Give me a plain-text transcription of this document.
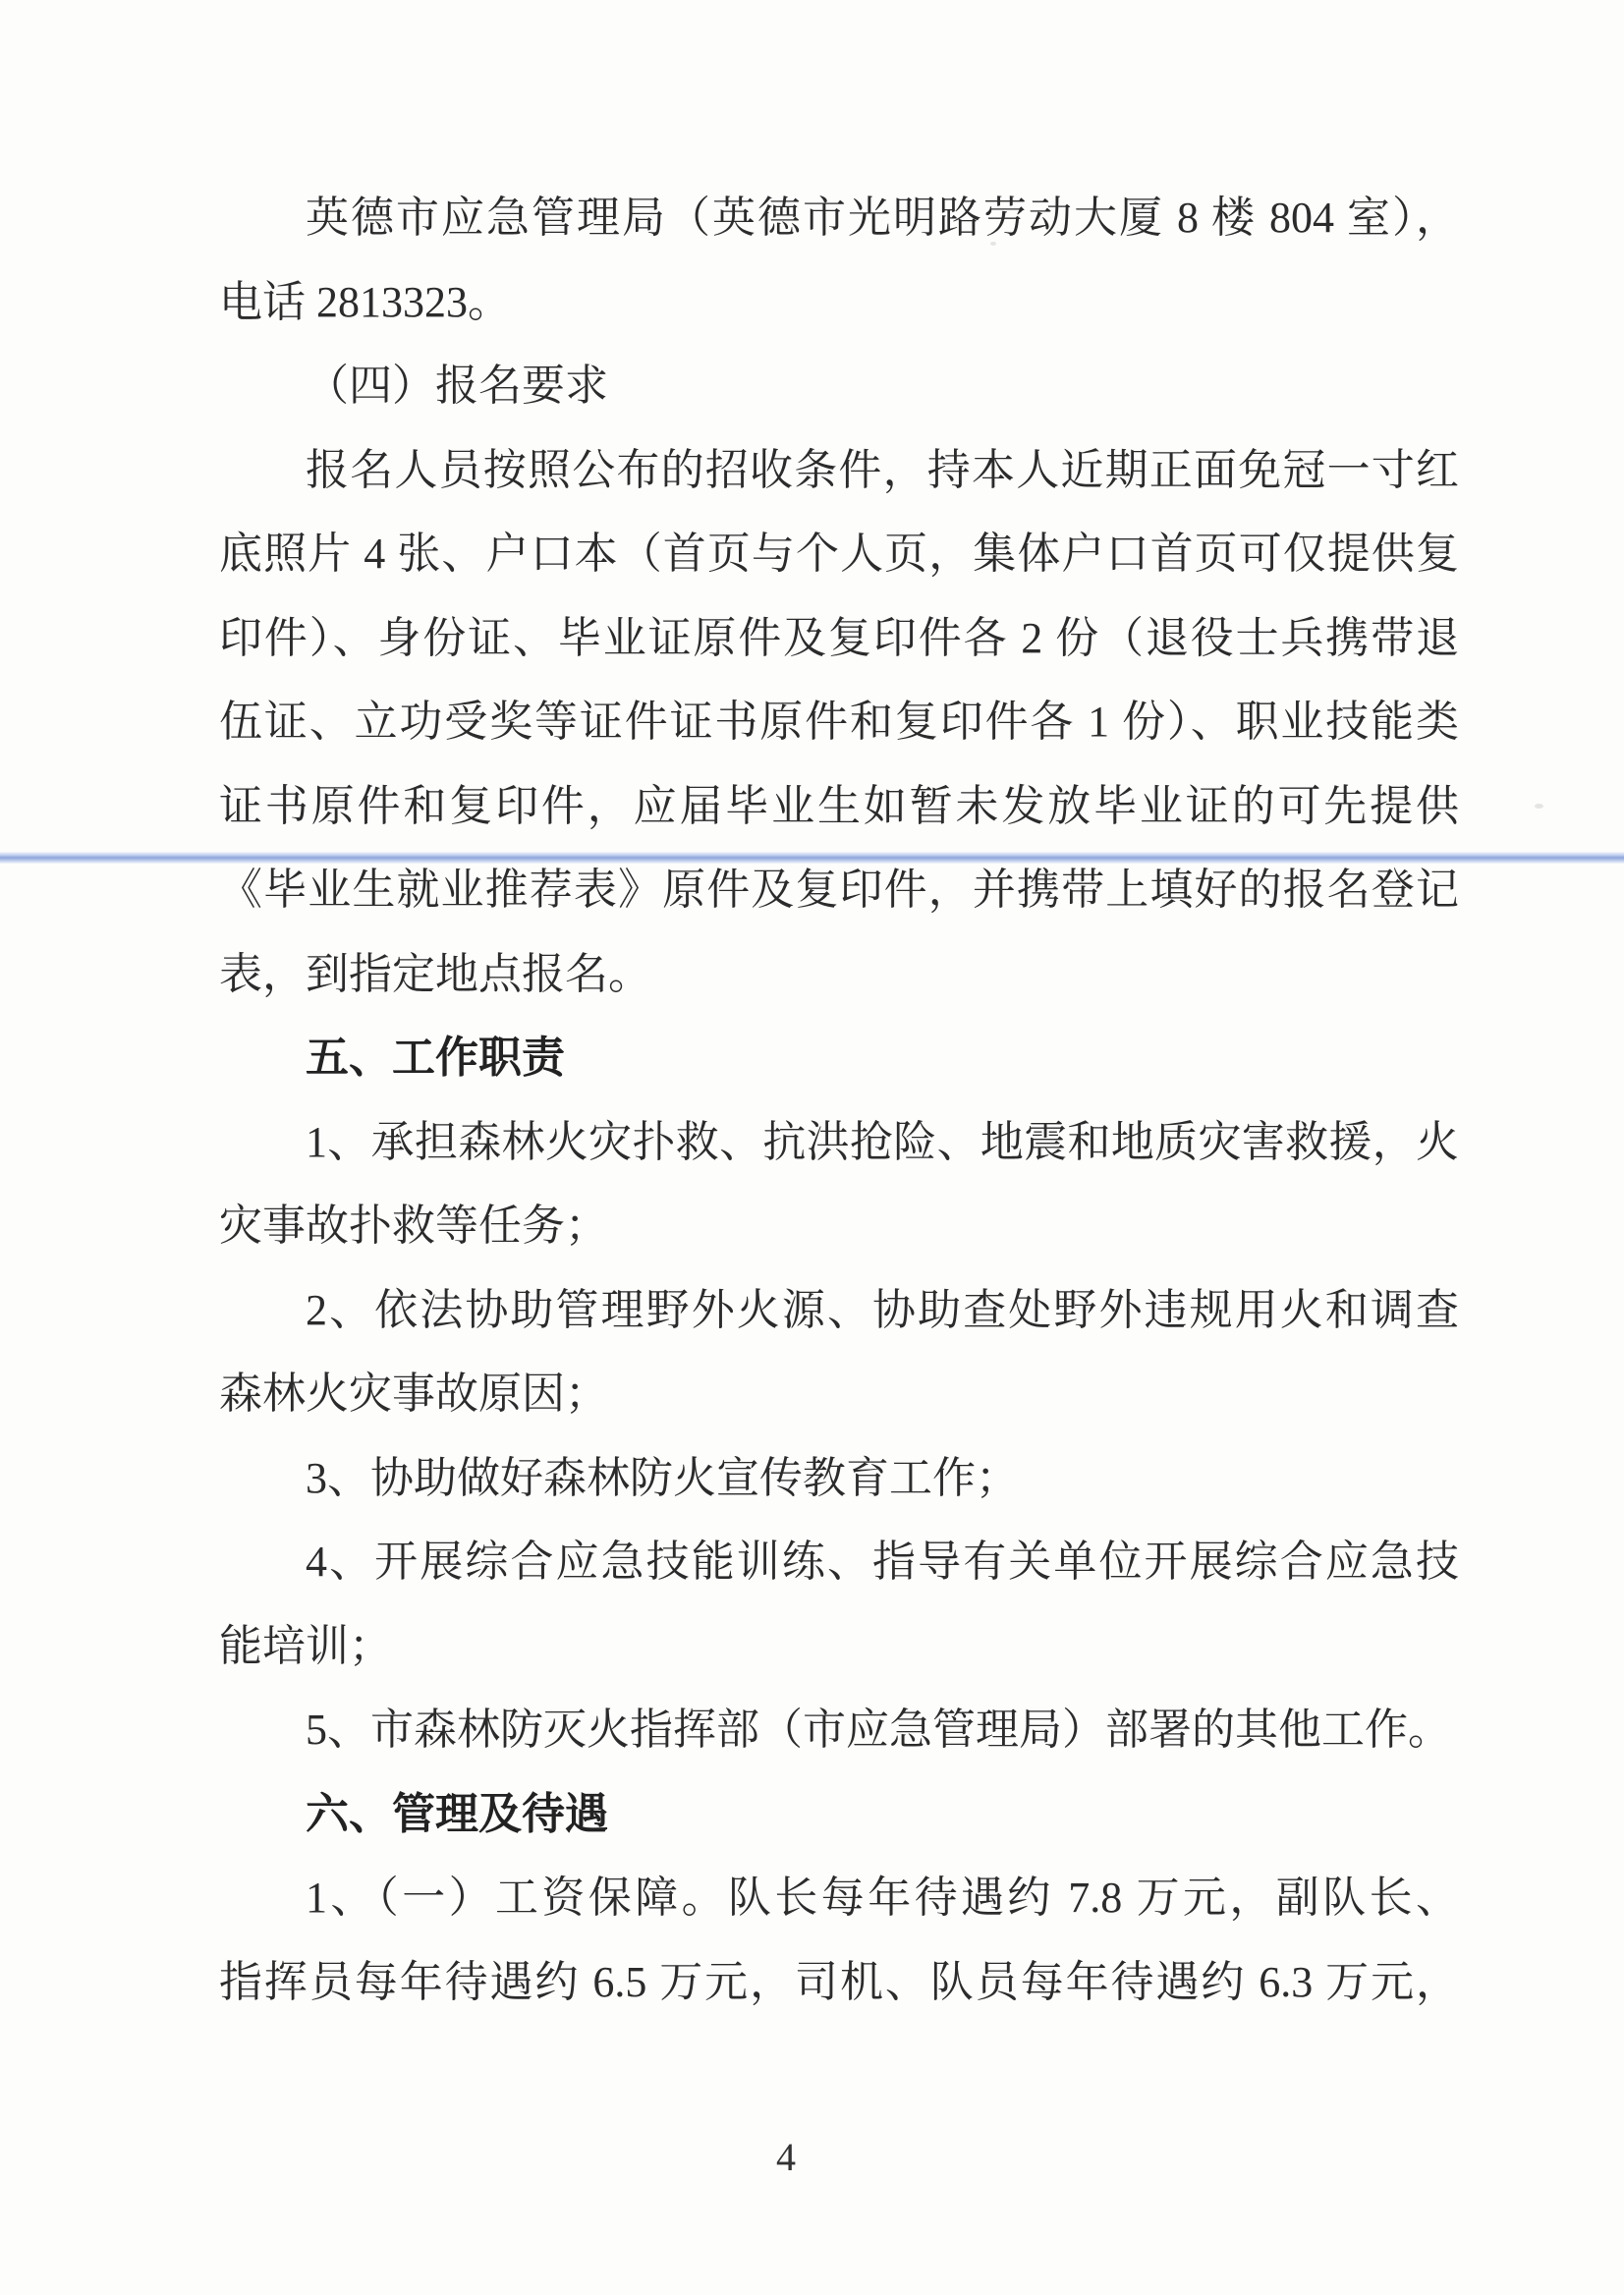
英德市应急管理局（英德市光明路劳动大厦 8 楼 804 室），
电话 2813323。
（四）报名要求
报名人员按照公布的招收条件，持本人近期正面免冠一寸红
底照片 4 张、户口本（首页与个人页，集体户口首页可仅提供复
印件）、身份证、毕业证原件及复印件各 2 份（退役士兵携带退
伍证、立功受奖等证件证书原件和复印件各 1 份）、职业技能类
证书原件和复印件，应届毕业生如暂未发放毕业证的可先提供
《毕业生就业推荐表》原件及复印件，并携带上填好的报名登记
表，到指定地点报名。
五、工作职责
1、承担森林火灾扑救、抗洪抢险、地震和地质灾害救援，火
灾事故扑救等任务；
2、依法协助管理野外火源、协助查处野外违规用火和调查
森林火灾事故原因；
3、协助做好森林防火宣传教育工作；
4、开展综合应急技能训练、指导有关单位开展综合应急技
能培训；
5、市森林防灭火指挥部（市应急管理局）部署的其他工作。
六、管理及待遇
1、（一）工资保障。队长每年待遇约 7.8 万元，副队长、
指挥员每年待遇约 6.5 万元，司机、队员每年待遇约 6.3 万元，
4
